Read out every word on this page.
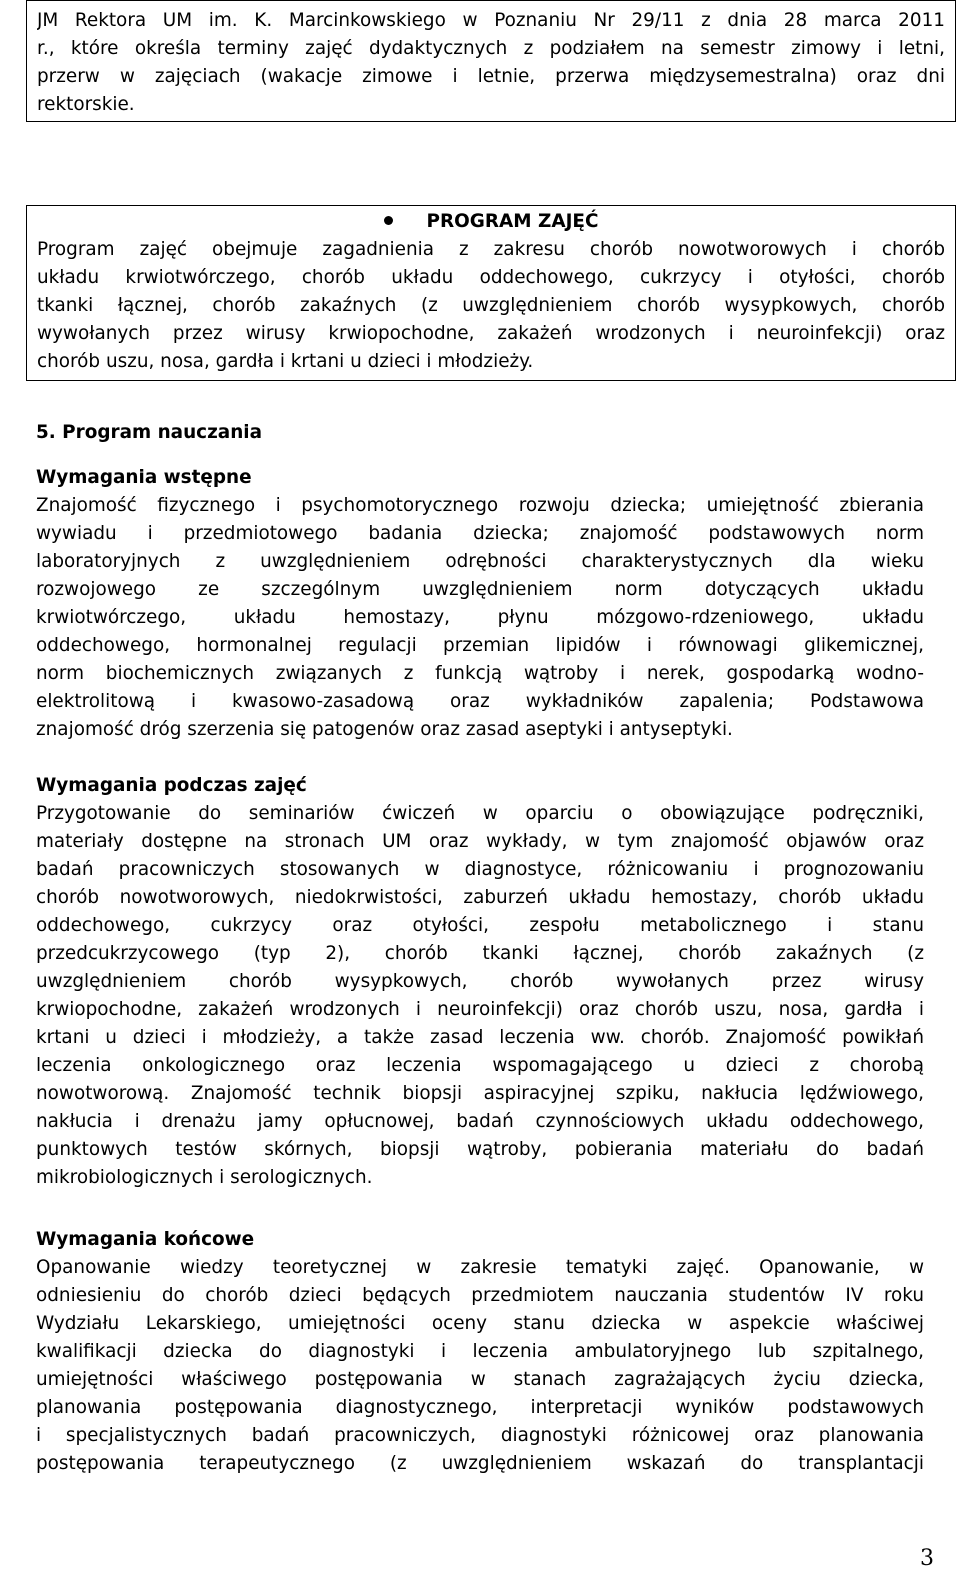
JM Rektora UM im. K. Marcinkowskiego w Poznaniu Nr 29/11 z dnia 28 marca 2011
r., które określa terminy zajęć dydaktycznych z podziałem na semestr zimowy i letni,
przerw w zajęciach (wakacje zimowe i letnie, przerwa międzysemestralna) oraz dni
rektorskie.
PROGRAM ZAJĘĆ
Program zajęć obejmuje zagadnienia z zakresu chorób nowotworowych i chorób
układu krwiotwórczego, chorób układu oddechowego, cukrzycy i otyłości, chorób
tkanki łącznej, chorób zakaźnych (z uwzględnieniem chorób wysypkowych, chorób
wywołanych przez wirusy krwiopochodne, zakażeń wrodzonych i neuroinfekcji) oraz
chorób uszu, nosa, gardła i krtani u dzieci i młodzieży.
5. Program nauczania
Wymagania wstępne
Znajomość fizycznego i psychomotorycznego rozwoju dziecka; umiejętność zbierania
wywiadu i przedmiotowego badania dziecka; znajomość podstawowych norm
laboratoryjnych z uwzględnieniem odrębności charakterystycznych dla wieku
rozwojowego ze szczególnym uwzględnieniem norm dotyczących układu
krwiotwórczego, układu hemostazy, płynu mózgowo-rdzeniowego, układu
oddechowego, hormonalnej regulacji przemian lipidów i równowagi glikemicznej,
norm biochemicznych związanych z funkcją wątroby i nerek, gospodarką wodno-
elektrolitową i kwasowo-zasadową oraz wykładników zapalenia; Podstawowa
znajomość dróg szerzenia się patogenów oraz zasad aseptyki i antyseptyki.
Wymagania podczas zajęć
Przygotowanie do seminariów ćwiczeń w oparciu o obowiązujące podręczniki,
materiały dostępne na stronach UM oraz wykłady, w tym znajomość objawów oraz
badań pracowniczych stosowanych w diagnostyce, różnicowaniu i prognozowaniu
chorób nowotworowych, niedokrwistości, zaburzeń układu hemostazy, chorób układu
oddechowego, cukrzycy oraz otyłości, zespołu metabolicznego i stanu
przedcukrzycowego (typ 2), chorób tkanki łącznej, chorób zakaźnych (z
uwzględnieniem chorób wysypkowych, chorób wywołanych przez wirusy
krwiopochodne, zakażeń wrodzonych i neuroinfekcji) oraz chorób uszu, nosa, gardła i
krtani u dzieci i młodzieży, a także zasad leczenia ww. chorób. Znajomość powikłań
leczenia onkologicznego oraz leczenia wspomagającego u dzieci z chorobą
nowotworową. Znajomość technik biopsji aspiracyjnej szpiku, nakłucia lędźwiowego,
nakłucia i drenażu jamy opłucnowej, badań czynnościowych układu oddechowego,
punktowych testów skórnych, biopsji wątroby, pobierania materiału do badań
mikrobiologicznych i serologicznych.
Wymagania końcowe
Opanowanie wiedzy teoretycznej w zakresie tematyki zajęć. Opanowanie, w
odniesieniu do chorób dzieci będących przedmiotem nauczania studentów IV roku
Wydziału Lekarskiego, umiejętności oceny stanu dziecka w aspekcie właściwej
kwalifikacji dziecka do diagnostyki i leczenia ambulatoryjnego lub szpitalnego,
umiejętności właściwego postępowania w stanach zagrażających życiu dziecka,
planowania postępowania diagnostycznego, interpretacji wyników podstawowych
i specjalistycznych badań pracowniczych, diagnostyki różnicowej oraz planowania
postępowania terapeutycznego (z uwzględnieniem wskazań do transplantacji
3
